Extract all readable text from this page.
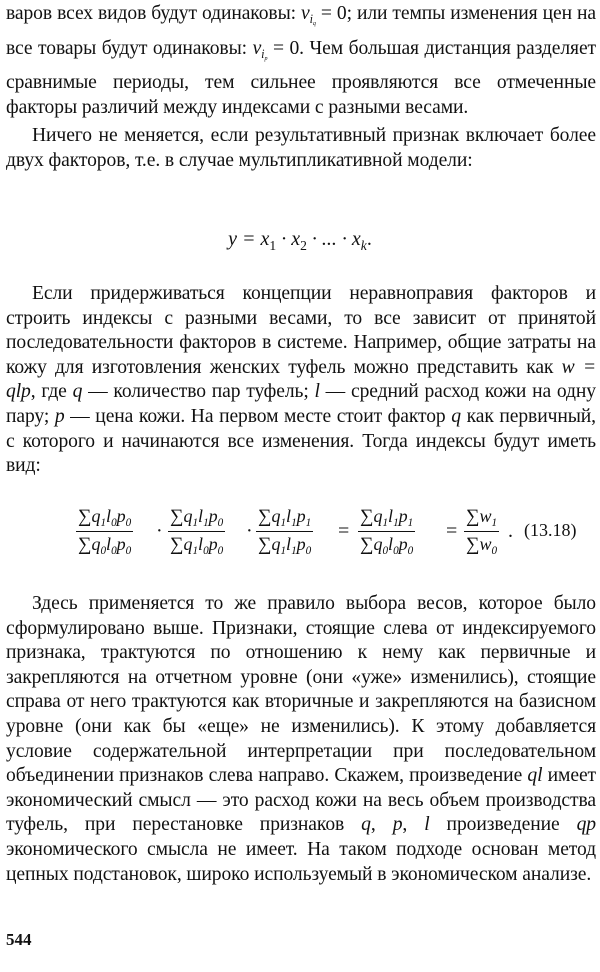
варов всех видов будут одинаковы: $v_{iq} = 0$; или темпы изменения цен на все товары будут одинаковы: $v_{ip} = 0$. Чем большая дистанция разделяет сравнимые периоды, тем сильнее проявляются все отмеченные факторы различий между индексами с разными весами.

Ничего не меняется, если результативный признак включает более двух факторов, т.е. в случае мультипликативной модели:

$y = x_1 \cdot x_2$ · ... · $x_k$.

Если придерживаться концепции неравноправия факторов и строить индексы с разными весами, то все зависит от принятой последовательности факторов в системе. Например, общие затраты на кожу для изготовления женских туфель можно представить как w = qlp, где q — количество пар туфель; l — средний расход кожи на одну пару; p — цена кожи. На первом месте стоит фактор q как первичный, с которого и начинаются все изменения. Тогда индексы будут иметь вид:

$\frac{\sum q_1l_0p_0}{\sum q_0l_0p_0} \cdot \frac{\sum q_1l_1p_0}{\sum q_1l_0p_0} \cdot \frac{\sum q_1l_1p_1}{\sum q_1l_1p_0} = \frac{\sum q_1l_1p_1}{\sum q_0l_0p_0} = \frac{\sum w_1}{\sum w_0}$ . (13.18)

Здесь применяется то же правило выбора весов, которое было сформулировано выше. Признаки, стоящие слева от индексируемого признака, трактуются по отношению к нему как первичные и закрепляются на отчетном уровне (они «уже» изменились), стоящие справа от него трактуются как вторичные и закрепляются на базисном уровне (они как бы «еще» не изменились). К этому добавляется условие содержательной интерпретации при последовательном объединении признаков слева направо. Скажем, произведение ql имеет экономический смысл — это расход кожи на весь объем производства туфель, при перестановке признаков q, p, l произведение qp экономического смысла не имеет. На таком подходе основан метод цепных подстановок, широко используемый в экономическом анализе.

544
